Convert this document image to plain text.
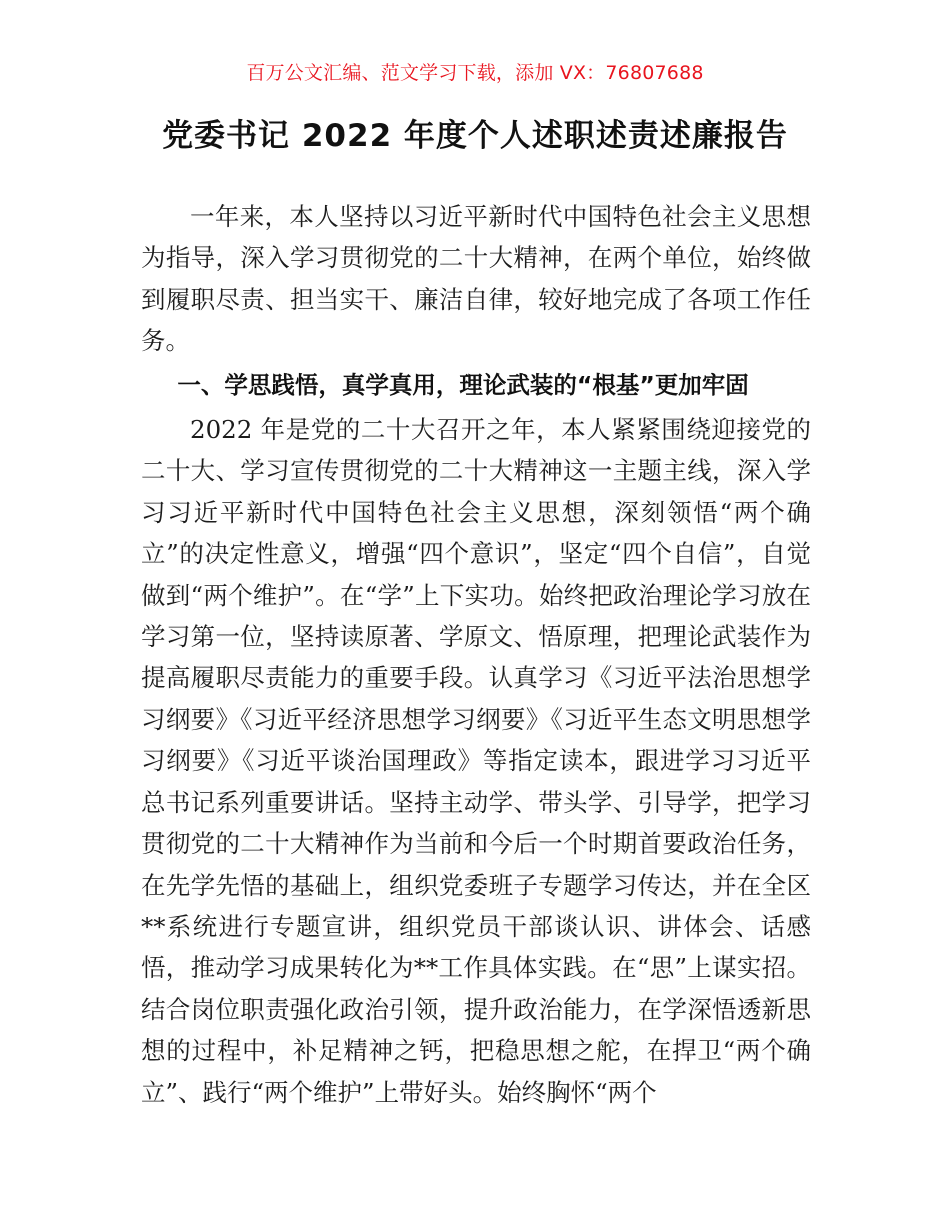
百万公文汇编、范文学习下载，添加 VX：76807688
党委书记 2022 年度个人述职述责述廉报告

一年来，本人坚持以习近平新时代中国特色社会主义思想为指导，深入学习贯彻党的二十大精神，在两个单位，始终做到履职尽责、担当实干、廉洁自律，较好地完成了各项工作任务。

一、学思践悟，真学真用，理论武装的“根基”更加牢固

2022 年是党的二十大召开之年，本人紧紧围绕迎接党的二十大、学习宣传贯彻党的二十大精神这一主题主线，深入学习习近平新时代中国特色社会主义思想，深刻领悟“两个确立”的决定性意义，增强“四个意识”，坚定“四个自信”，自觉做到“两个维护”。在“学”上下实功。始终把政治理论学习放在学习第一位，坚持读原著、学原文、悟原理，把理论武装作为提高履职尽责能力的重要手段。认真学习《习近平法治思想学习纲要》《习近平经济思想学习纲要》《习近平生态文明思想学习纲要》《习近平谈治国理政》等指定读本，跟进学习习近平总书记系列重要讲话。坚持主动学、带头学、引导学，把学习贯彻党的二十大精神作为当前和今后一个时期首要政治任务，在先学先悟的基础上，组织党委班子专题学习传达，并在全区**系统进行专题宣讲，组织党员干部谈认识、讲体会、话感悟，推动学习成果转化为**工作具体实践。在“思”上谋实招。结合岗位职责强化政治引领，提升政治能力，在学深悟透新思想的过程中，补足精神之钙，把稳思想之舵，在捍卫“两个确立”、践行“两个维护”上带好头。始终胸怀“两个
